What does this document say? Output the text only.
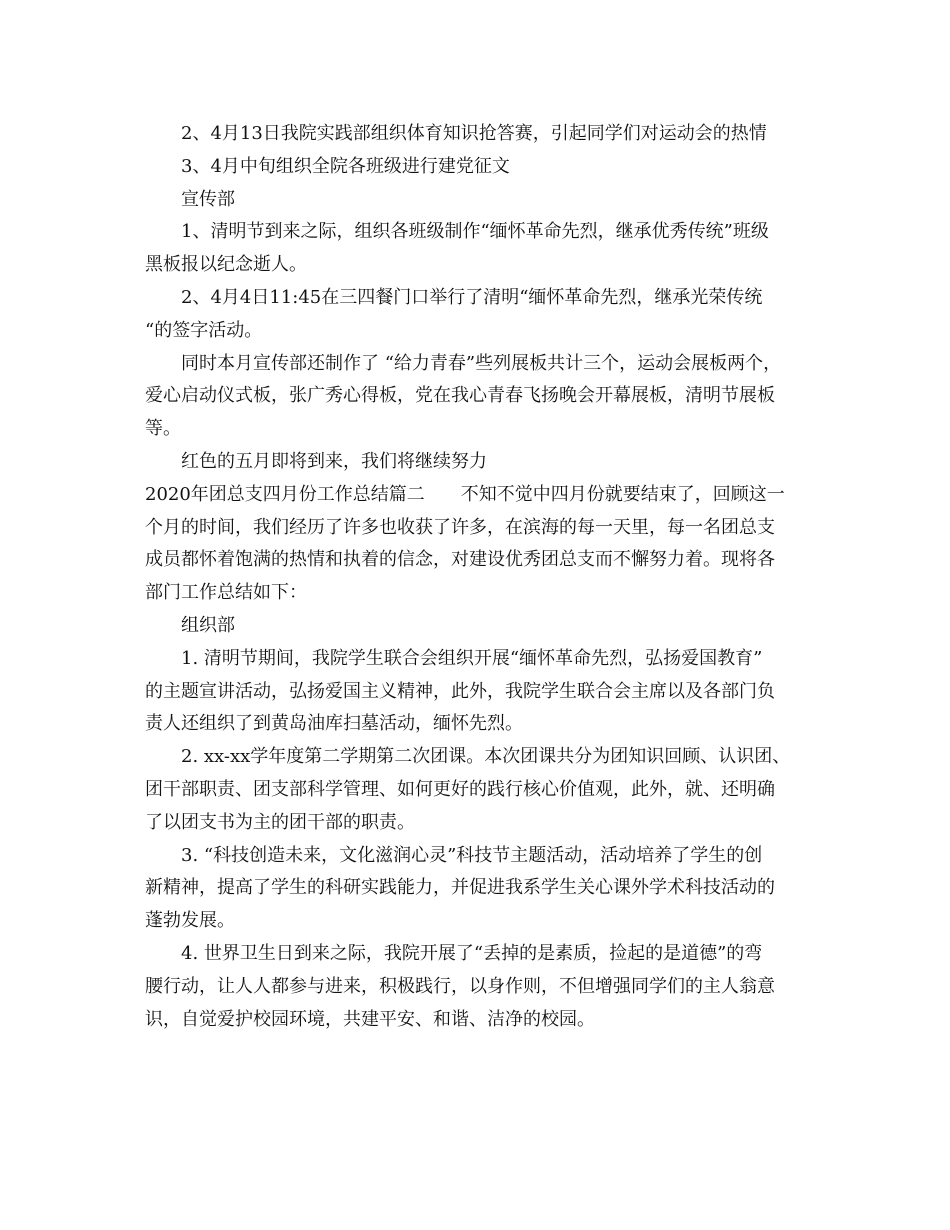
　　2、4月13日我院实践部组织体育知识抢答赛，引起同学们对运动会的热情
　　3、4月中旬组织全院各班级进行建党征文
　　宣传部
　　1、清明节到来之际，组织各班级制作“缅怀革命先烈，继承优秀传统”班级
黑板报以纪念逝人。
　　2、4月4日11:45在三四餐门口举行了清明“缅怀革命先烈，继承光荣传统
“的签字活动。
　　同时本月宣传部还制作了 “给力青春”些列展板共计三个，运动会展板两个，
爱心启动仪式板，张广秀心得板，党在我心青春飞扬晚会开幕展板，清明节展板
等。
　　红色的五月即将到来，我们将继续努力
2020年团总支四月份工作总结篇二　　不知不觉中四月份就要结束了，回顾这一
个月的时间，我们经历了许多也收获了许多，在滨海的每一天里，每一名团总支
成员都怀着饱满的热情和执着的信念，对建设优秀团总支而不懈努力着。现将各
部门工作总结如下：
　　组织部
　　1. 清明节期间，我院学生联合会组织开展“缅怀革命先烈，弘扬爱国教育”
的主题宣讲活动，弘扬爱国主义精神，此外，我院学生联合会主席以及各部门负
责人还组织了到黄岛油库扫墓活动，缅怀先烈。
　　2. xx-xx学年度第二学期第二次团课。本次团课共分为团知识回顾、认识团、
团干部职责、团支部科学管理、如何更好的践行核心价值观，此外，就、还明确
了以团支书为主的团干部的职责。
　　3. “科技创造未来，文化滋润心灵”科技节主题活动，活动培养了学生的创
新精神，提高了学生的科研实践能力，并促进我系学生关心课外学术科技活动的
蓬勃发展。
　　4. 世界卫生日到来之际，我院开展了“丢掉的是素质，捡起的是道德”的弯
腰行动，让人人都参与进来，积极践行，以身作则，不但增强同学们的主人翁意
识，自觉爱护校园环境，共建平安、和谐、洁净的校园。
